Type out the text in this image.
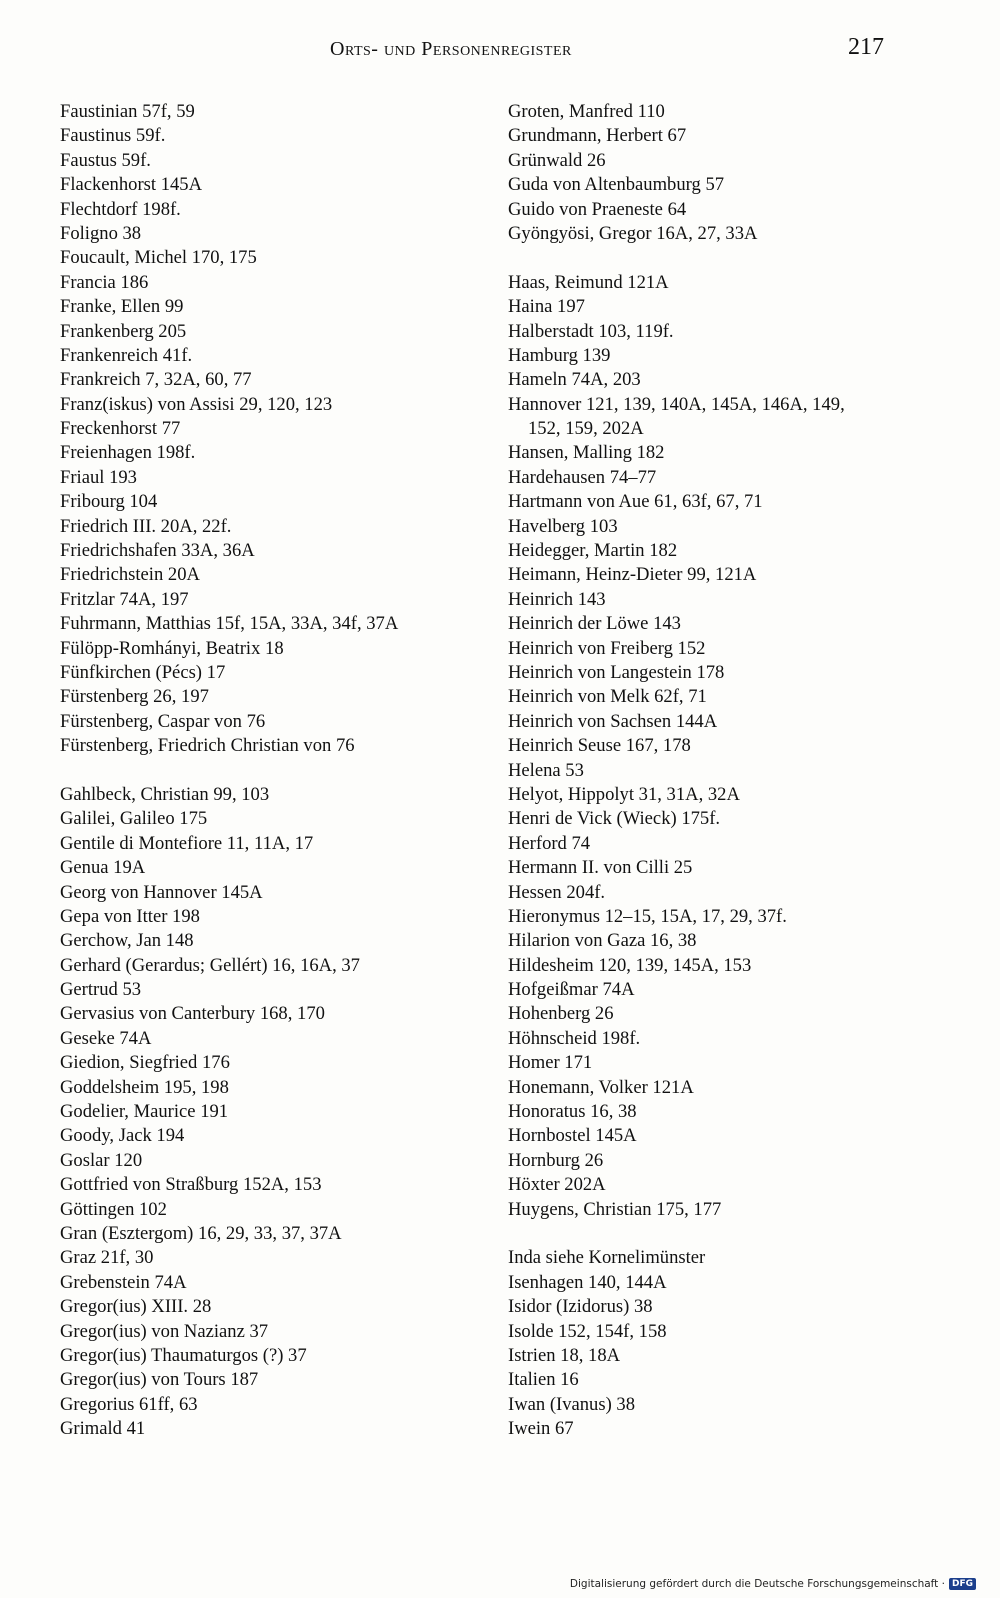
Orts- und Personenregister	217
Faustinian 57f, 59
Faustinus 59f.
Faustus 59f.
Flackenhorst 145A
Flechtdorf 198f.
Foligno 38
Foucault, Michel 170, 175
Francia 186
Franke, Ellen 99
Frankenberg 205
Frankenreich 41f.
Frankreich 7, 32A, 60, 77
Franz(iskus) von Assisi 29, 120, 123
Freckenhorst 77
Freienhagen 198f.
Friaul 193
Fribourg 104
Friedrich III. 20A, 22f.
Friedrichshafen 33A, 36A
Friedrichstein 20A
Fritzlar 74A, 197
Fuhrmann, Matthias 15f, 15A, 33A, 34f, 37A
Fülöpp-Romhányi, Beatrix 18
Fünfkirchen (Pécs) 17
Fürstenberg 26, 197
Fürstenberg, Caspar von 76
Fürstenberg, Friedrich Christian von 76
Gahlbeck, Christian 99, 103
Galilei, Galileo 175
Gentile di Montefiore 11, 11A, 17
Genua 19A
Georg von Hannover 145A
Gepa von Itter 198
Gerchow, Jan 148
Gerhard (Gerardus; Gellért) 16, 16A, 37
Gertrud 53
Gervasius von Canterbury 168, 170
Geseke 74A
Giedion, Siegfried 176
Goddelsheim 195, 198
Godelier, Maurice 191
Goody, Jack 194
Goslar 120
Gottfried von Straßburg 152A, 153
Göttingen 102
Gran (Esztergom) 16, 29, 33, 37, 37A
Graz 21f, 30
Grebenstein 74A
Gregor(ius) XIII. 28
Gregor(ius) von Nazianz 37
Gregor(ius) Thaumaturgos (?) 37
Gregor(ius) von Tours 187
Gregorius 61ff, 63
Grimald 41
Groten, Manfred 110
Grundmann, Herbert 67
Grünwald 26
Guda von Altenbaumburg 57
Guido von Praeneste 64
Gyöngyösi, Gregor 16A, 27, 33A
Haas, Reimund 121A
Haina 197
Halberstadt 103, 119f.
Hamburg 139
Hameln 74A, 203
Hannover 121, 139, 140A, 145A, 146A, 149,
152, 159, 202A
Hansen, Malling 182
Hardehausen 74–77
Hartmann von Aue 61, 63f, 67, 71
Havelberg 103
Heidegger, Martin 182
Heimann, Heinz-Dieter 99, 121A
Heinrich 143
Heinrich der Löwe 143
Heinrich von Freiberg 152
Heinrich von Langestein 178
Heinrich von Melk 62f, 71
Heinrich von Sachsen 144A
Heinrich Seuse 167, 178
Helena 53
Helyot, Hippolyt 31, 31A, 32A
Henri de Vick (Wieck) 175f.
Herford 74
Hermann II. von Cilli 25
Hessen 204f.
Hieronymus 12–15, 15A, 17, 29, 37f.
Hilarion von Gaza 16, 38
Hildesheim 120, 139, 145A, 153
Hofgeißmar 74A
Hohenberg 26
Höhnscheid 198f.
Homer 171
Honemann, Volker 121A
Honoratus 16, 38
Hornbostel 145A
Hornburg 26
Höxter 202A
Huygens, Christian 175, 177
Inda siehe Kornelimünster
Isenhagen 140, 144A
Isidor (Izidorus) 38
Isolde 152, 154f, 158
Istrien 18, 18A
Italien 16
Iwan (Ivanus) 38
Iwein 67
Digitalisierung gefördert durch die Deutsche Forschungsgemeinschaft · DFG
